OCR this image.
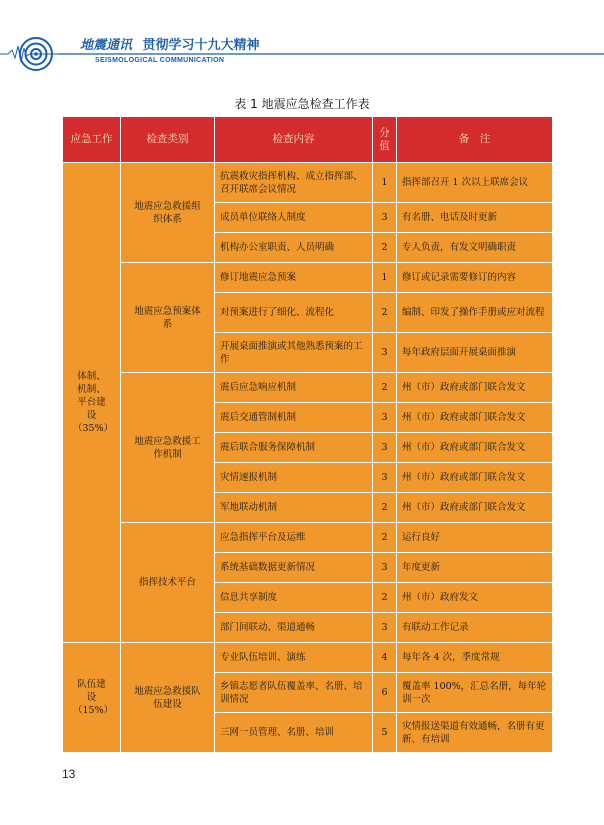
地震通讯 贯彻学习十九大精神
SEISMOLOGICAL COMMUNICATION
表 1 地震应急检查工作表
应急工作	检查类别	检查内容	分值	备　注
体制、机制、平台建设（35%）	地震应急救援组织体系	抗震救灾指挥机构、成立指挥部、召开联席会议情况	1	指挥部召开 1 次以上联席会议
		成员单位联络人制度	3	有名册、电话及时更新
		机构办公室职责、人员明确	2	专人负责，有发文明确职责
	地震应急预案体系	修订地震应急预案	1	修订或记录需要修订的内容
		对预案进行了细化、流程化	2	编制、印发了操作手册或应对流程
		开展桌面推演或其他熟悉预案的工作	3	每年政府层面开展桌面推演
	地震应急救援工作机制	震后应急响应机制	2	州（市）政府或部门联合发文
		震后交通管制机制	3	州（市）政府或部门联合发文
		震后联合服务保障机制	3	州（市）政府或部门联合发文
		灾情速报机制	3	州（市）政府或部门联合发文
		军地联动机制	2	州（市）政府或部门联合发文
	指挥技术平台	应急指挥平台及运维	2	运行良好
		系统基础数据更新情况	3	年度更新
		信息共享制度	2	州（市）政府发文
		部门间联动、渠道通畅	3	有联动工作记录
队伍建设（15%）	地震应急救援队伍建设	专业队伍培训、演练	4	每年各 4 次，季度常规
		乡镇志愿者队伍覆盖率、名册、培训情况	6	覆盖率 100%，汇总名册，每年轮训一次
		三网一员管理、名册、培训	5	灾情报送渠道有效通畅，名册有更新、有培训
13
